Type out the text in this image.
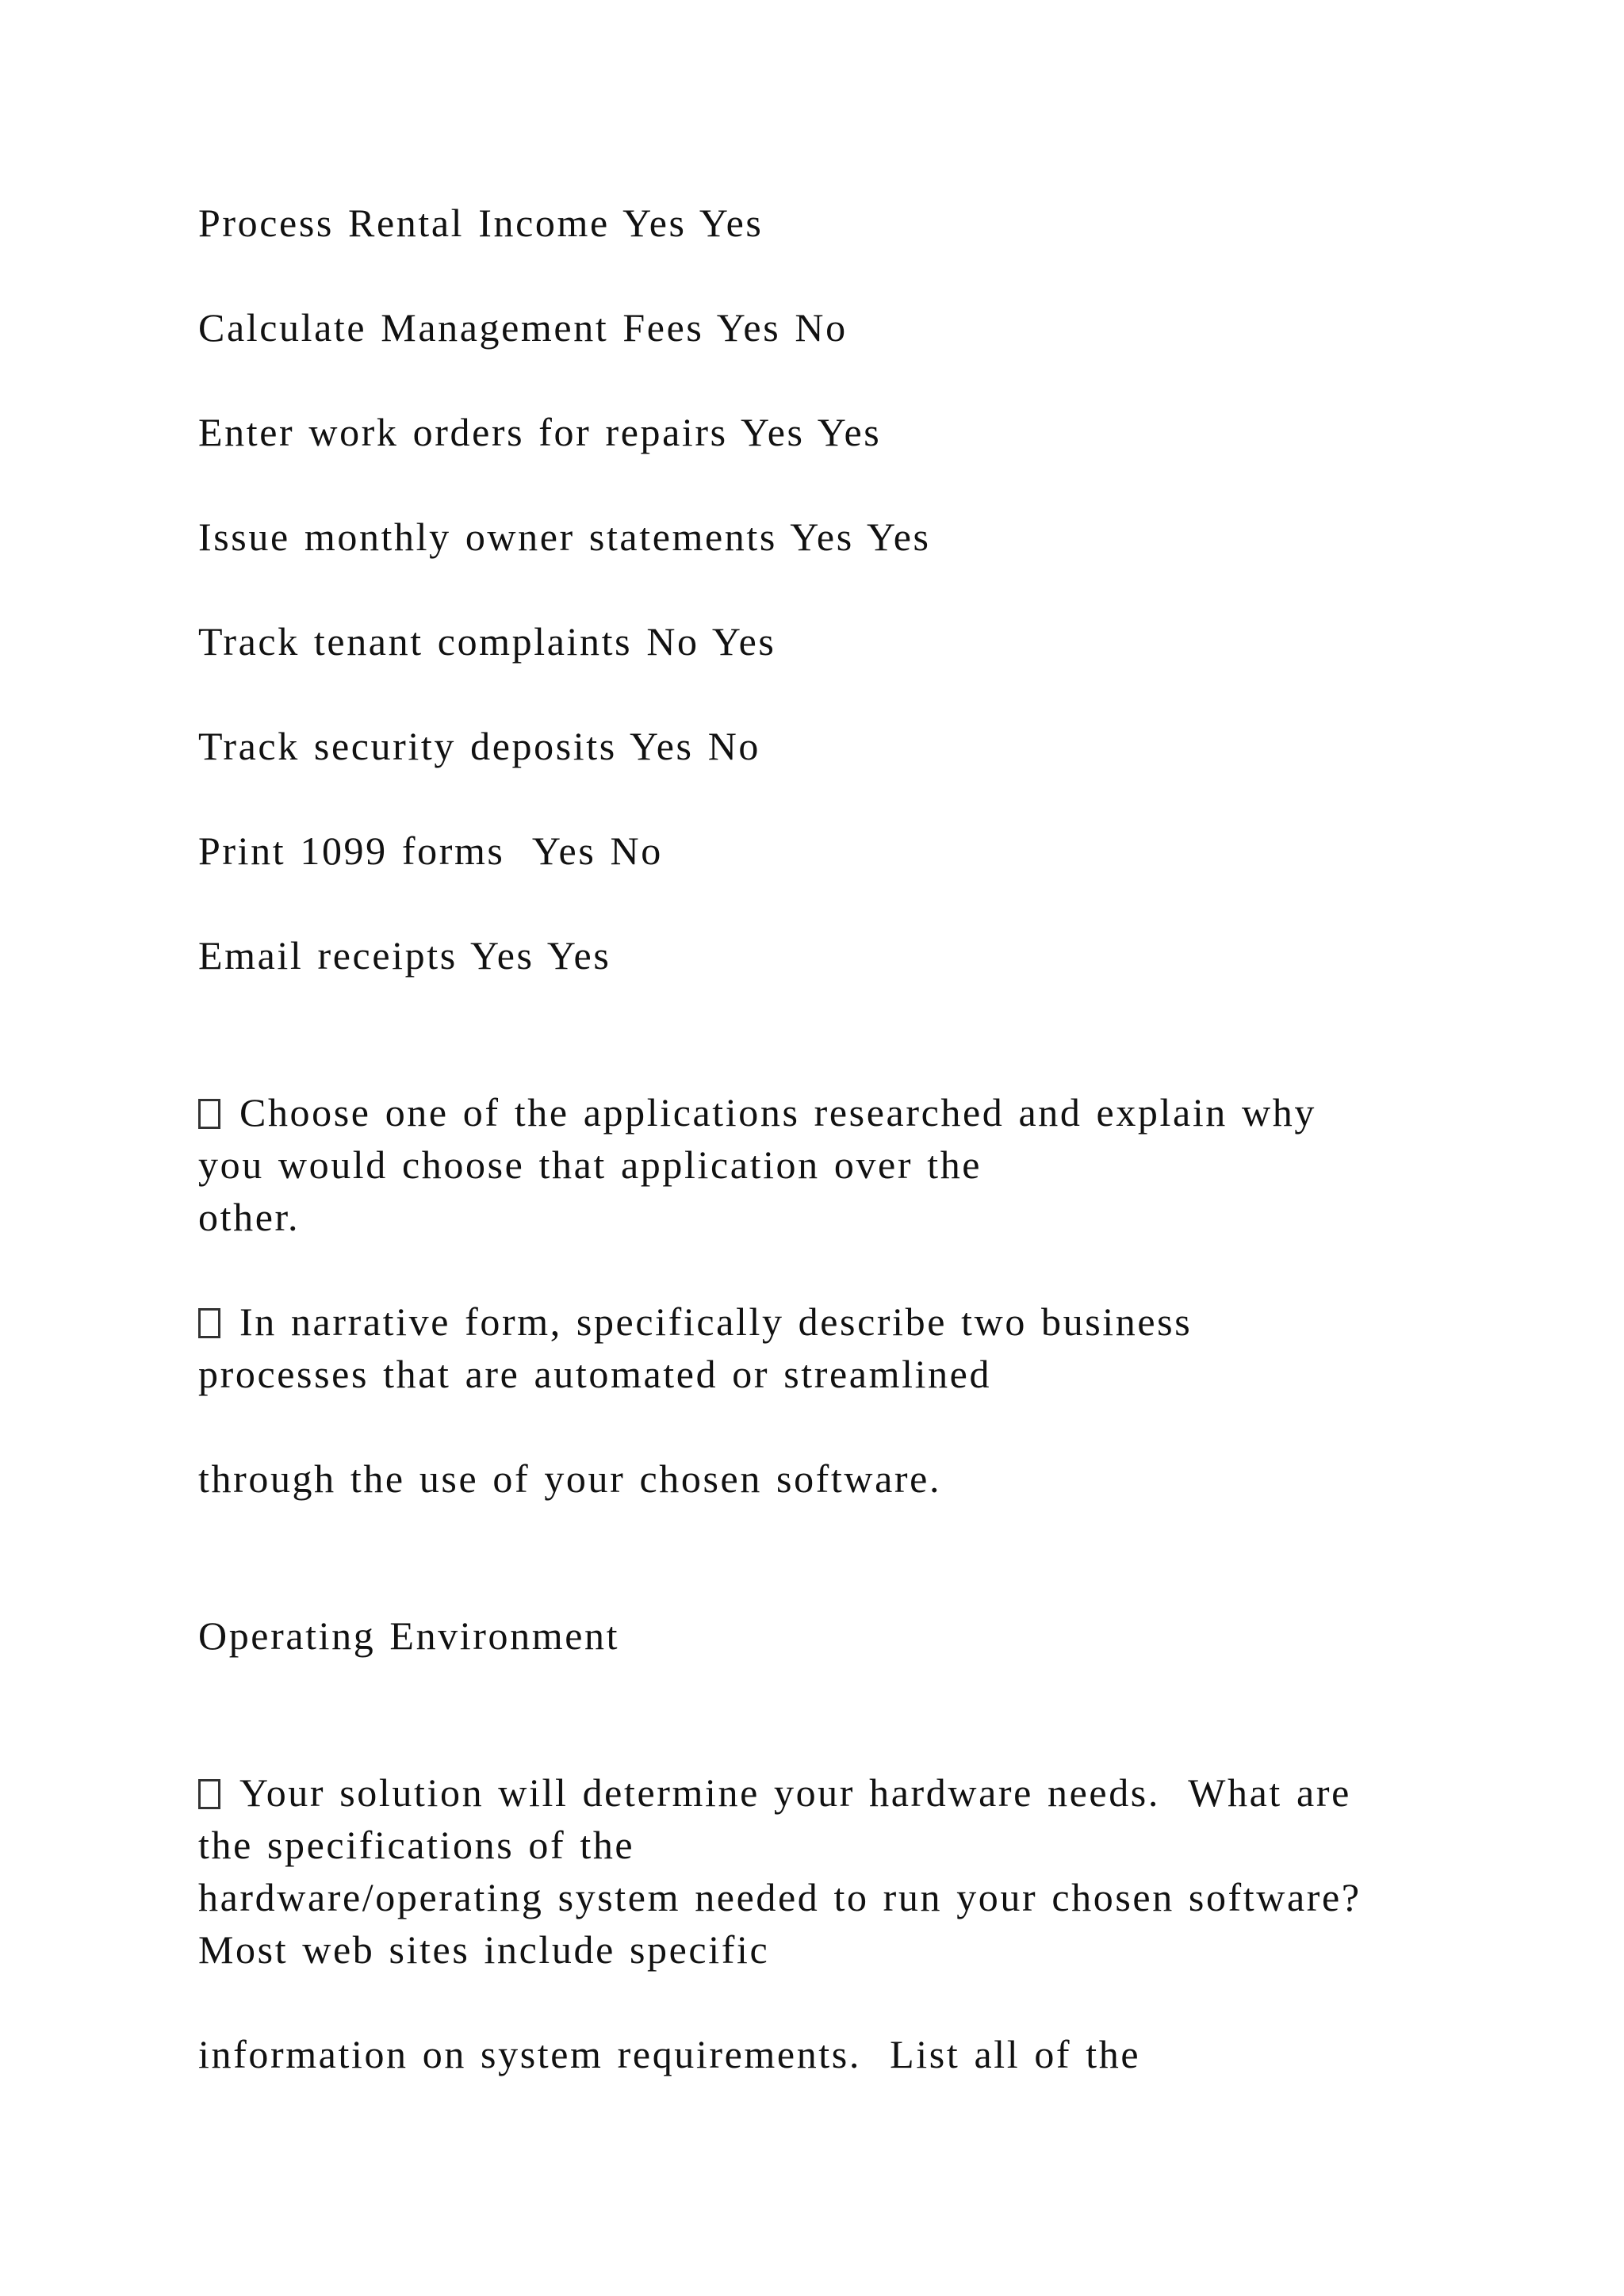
Process Rental Income Yes Yes

Calculate Management Fees Yes No

Enter work orders for repairs Yes Yes

Issue monthly owner statements Yes Yes

Track tenant complaints No Yes

Track security deposits Yes No

Print 1099 forms  Yes No

Email receipts Yes Yes

Choose one of the applications researched and explain why

you would choose that application over the

other.

In narrative form, specifically describe two business

processes that are automated or streamlined

through the use of your chosen software.

Operating Environment

Your solution will determine your hardware needs.  What are

the specifications of the

hardware/operating system needed to run your chosen software?

Most web sites include specific

information on system requirements.  List all of the
